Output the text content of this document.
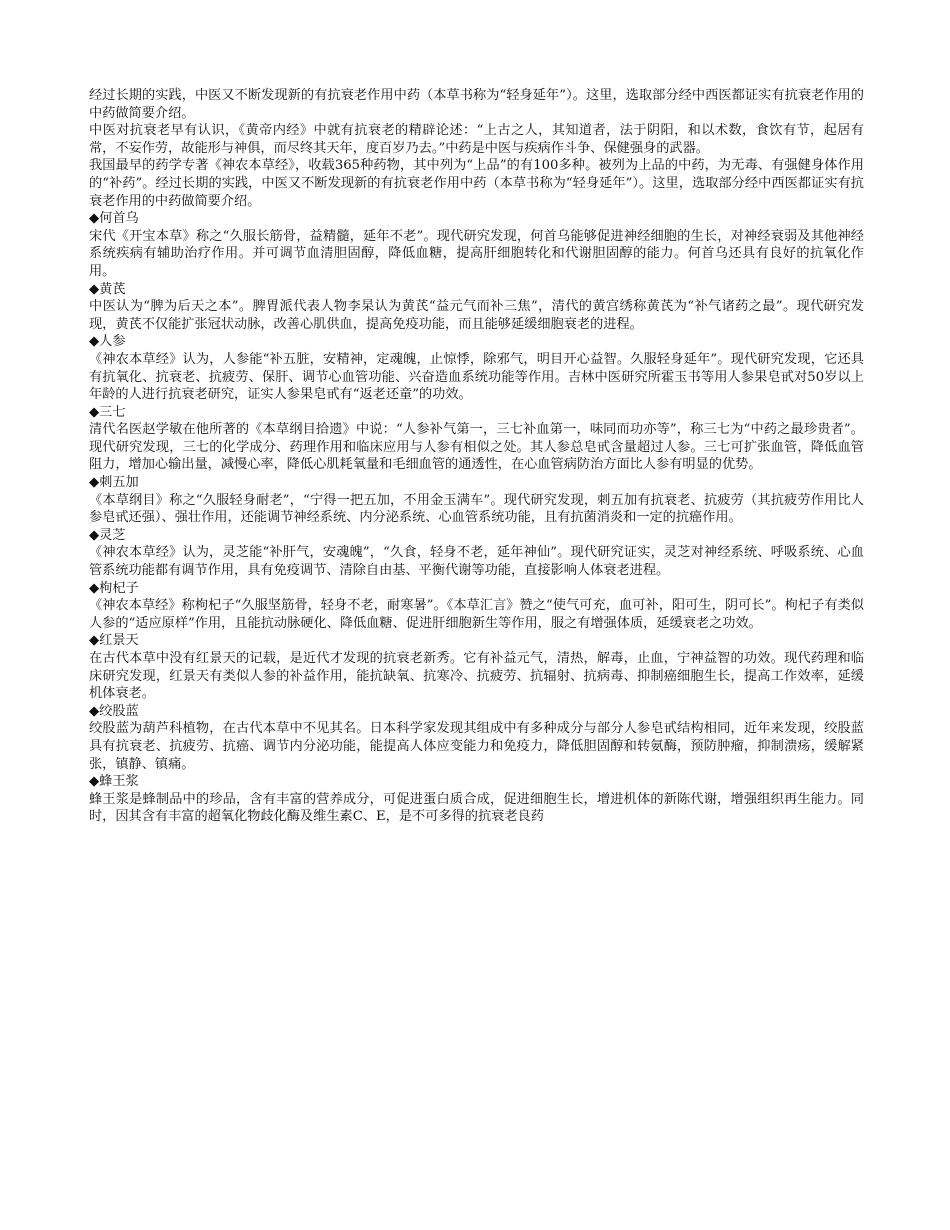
经过长期的实践，中医又不断发现新的有抗衰老作用中药（本草书称为“轻身延年”）。这里，选取部分经中西医都证实有抗衰老作用的中药做简要介绍。

中医对抗衰老早有认识，《黄帝内经》中就有抗衰老的精辟论述：“上古之人，其知道者，法于阴阳，和以术数，食饮有节，起居有常，不妄作劳，故能形与神俱，而尽终其天年，度百岁乃去。”中药是中医与疾病作斗争、保健强身的武器。

我国最早的药学专著《神农本草经》，收载365种药物，其中列为“上品”的有100多种。被列为上品的中药，为无毒、有强健身体作用的“补药”。经过长期的实践，中医又不断发现新的有抗衰老作用中药（本草书称为“轻身延年”）。这里，选取部分经中西医都证实有抗衰老作用的中药做简要介绍。

◆何首乌

宋代《开宝本草》称之“久服长筋骨，益精髓，延年不老”。现代研究发现，何首乌能够促进神经细胞的生长，对神经衰弱及其他神经系统疾病有辅助治疗作用。并可调节血清胆固醇，降低血糖，提高肝细胞转化和代谢胆固醇的能力。何首乌还具有良好的抗氧化作用。

◆黄芪

中医认为“脾为后天之本”。脾胃派代表人物李杲认为黄芪“益元气而补三焦”，清代的黄宫绣称黄芪为“补气诸药之最”。现代研究发现，黄芪不仅能扩张冠状动脉，改善心肌供血，提高免疫功能，而且能够延缓细胞衰老的进程。

◆人参

《神农本草经》认为，人参能“补五脏，安精神，定魂魄，止惊悸，除邪气，明目开心益智。久服轻身延年”。现代研究发现，它还具有抗氧化、抗衰老、抗疲劳、保肝、调节心血管功能、兴奋造血系统功能等作用。吉林中医研究所霍玉书等用人参果皂甙对50岁以上年龄的人进行抗衰老研究，证实人参果皂甙有“返老还童”的功效。

◆三七

清代名医赵学敏在他所著的《本草纲目拾遗》中说：“人参补气第一，三七补血第一，味同而功亦等”，称三七为“中药之最珍贵者”。现代研究发现，三七的化学成分、药理作用和临床应用与人参有相似之处。其人参总皂甙含量超过人参。三七可扩张血管，降低血管阻力，增加心输出量，减慢心率，降低心肌耗氧量和毛细血管的通透性，在心血管病防治方面比人参有明显的优势。

◆刺五加

《本草纲目》称之“久服轻身耐老”，“宁得一把五加，不用金玉满车”。现代研究发现，刺五加有抗衰老、抗疲劳（其抗疲劳作用比人参皂甙还强）、强壮作用，还能调节神经系统、内分泌系统、心血管系统功能，且有抗菌消炎和一定的抗癌作用。

◆灵芝

《神农本草经》认为，灵芝能“补肝气，安魂魄”，“久食，轻身不老，延年神仙”。现代研究证实，灵芝对神经系统、呼吸系统、心血管系统功能都有调节作用，具有免疫调节、清除自由基、平衡代谢等功能，直接影响人体衰老进程。

◆枸杞子

《神农本草经》称枸杞子“久服坚筋骨，轻身不老，耐寒暑”。《本草汇言》赞之“使气可充，血可补，阳可生，阴可长”。枸杞子有类似人参的“适应原样”作用，且能抗动脉硬化、降低血糖、促进肝细胞新生等作用，服之有增强体质，延缓衰老之功效。

◆红景天

在古代本草中没有红景天的记载，是近代才发现的抗衰老新秀。它有补益元气，清热，解毒，止血，宁神益智的功效。现代药理和临床研究发现，红景天有类似人参的补益作用，能抗缺氧、抗寒冷、抗疲劳、抗辐射、抗病毒、抑制癌细胞生长，提高工作效率，延缓机体衰老。

◆绞股蓝

绞股蓝为葫芦科植物，在古代本草中不见其名。日本科学家发现其组成中有多种成分与部分人参皂甙结构相同，近年来发现，绞股蓝具有抗衰老、抗疲劳、抗癌、调节内分泌功能，能提高人体应变能力和免疫力，降低胆固醇和转氨酶，预防肿瘤，抑制溃疡，缓解紧张，镇静、镇痛。

◆蜂王浆

蜂王浆是蜂制品中的珍品，含有丰富的营养成分，可促进蛋白质合成，促进细胞生长，增进机体的新陈代谢，增强组织再生能力。同时，因其含有丰富的超氧化物歧化酶及维生素C、E，是不可多得的抗衰老良药
